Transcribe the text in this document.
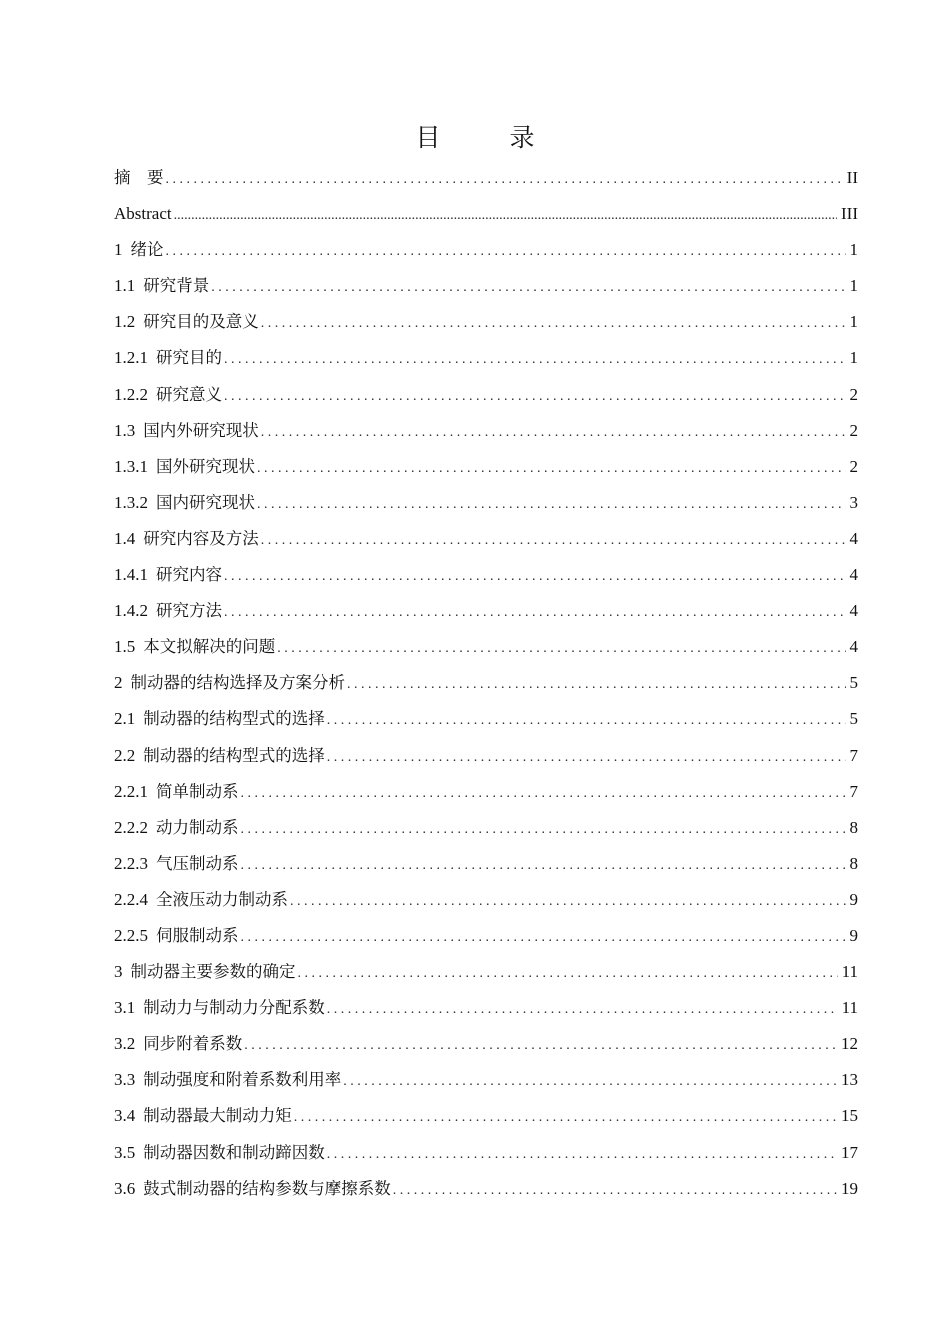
目　录
摘　要 . . .	II
Abstract .....	III
1 绪论 . . .	1
1.1 研究背景 . . .	1
1.2 研究目的及意义 . . .	1
1.2.1 研究目的 . . .	1
1.2.2 研究意义 . . .	2
1.3 国内外研究现状 . . .	2
1.3.1 国外研究现状 . . .	2
1.3.2 国内研究现状 . . .	3
1.4 研究内容及方法 . . .	4
1.4.1 研究内容 . . .	4
1.4.2 研究方法 . . .	4
1.5 本文拟解决的问题 . . .	4
2 制动器的结构选择及方案分析 . . .	5
2.1 制动器的结构型式的选择 . . .	5
2.2 制动器的结构型式的选择 . . .	7
2.2.1 简单制动系 . . .	7
2.2.2 动力制动系 . . .	8
2.2.3 气压制动系 . . .	8
2.2.4 全液压动力制动系 . . .	9
2.2.5 伺服制动系 . . .	9
3 制动器主要参数的确定 . . .	11
3.1 制动力与制动力分配系数 . . .	11
3.2 同步附着系数 . . .	12
3.3 制动强度和附着系数利用率 . . .	13
3.4 制动器最大制动力矩 . . .	15
3.5 制动器因数和制动蹄因数 . . .	17
3.6 鼓式制动器的结构参数与摩擦系数 . . .	19
